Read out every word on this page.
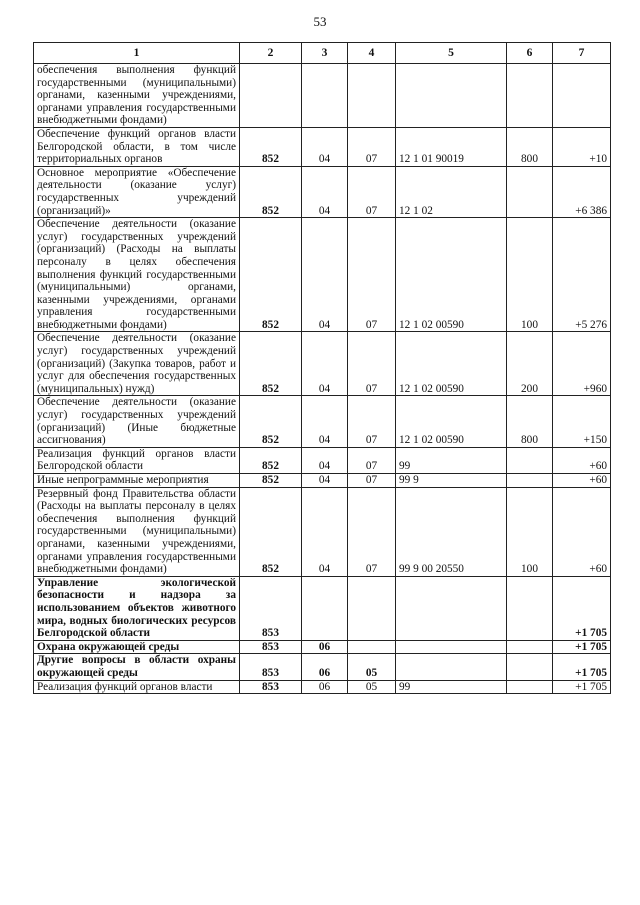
53
1	2	3	4	5	6	7
обеспечения выполнения функций государственными (муниципальными) органами, казенными учреждениями, органами управления государственными внебюджетными фондами)						
Обеспечение функций органов власти Белгородской области, в том числе территориальных органов	852	04	07	12 1 01 90019	800	+10
Основное мероприятие «Обеспечение деятельности (оказание услуг) государственных учреждений (организаций)»	852	04	07	12 1 02		+6 386
Обеспечение деятельности (оказание услуг) государственных учреждений (организаций) (Расходы на выплаты персоналу в целях обеспечения выполнения функций государственными (муниципальными) органами, казенными учреждениями, органами управления государственными внебюджетными фондами)	852	04	07	12 1 02 00590	100	+5 276
Обеспечение деятельности (оказание услуг) государственных учреждений (организаций) (Закупка товаров, работ и услуг для обеспечения государственных (муниципальных) нужд)	852	04	07	12 1 02 00590	200	+960
Обеспечение деятельности (оказание услуг) государственных учреждений (организаций) (Иные бюджетные ассигнования)	852	04	07	12 1 02 00590	800	+150
Реализация функций органов власти Белгородской области	852	04	07	99		+60
Иные непрограммные мероприятия	852	04	07	99 9		+60
Резервный фонд Правительства области (Расходы на выплаты персоналу в целях обеспечения выполнения функций государственными (муниципальными) органами, казенными учреждениями, органами управления государственными внебюджетными фондами)	852	04	07	99 9 00 20550	100	+60
Управление экологической безопасности и надзора за использованием объектов животного мира, водных биологических ресурсов Белгородской области	853					+1 705
Охрана окружающей среды	853	06				+1 705
Другие вопросы в области охраны окружающей среды	853	06	05			+1 705
Реализация функций органов власти	853	06	05	99		+1 705
